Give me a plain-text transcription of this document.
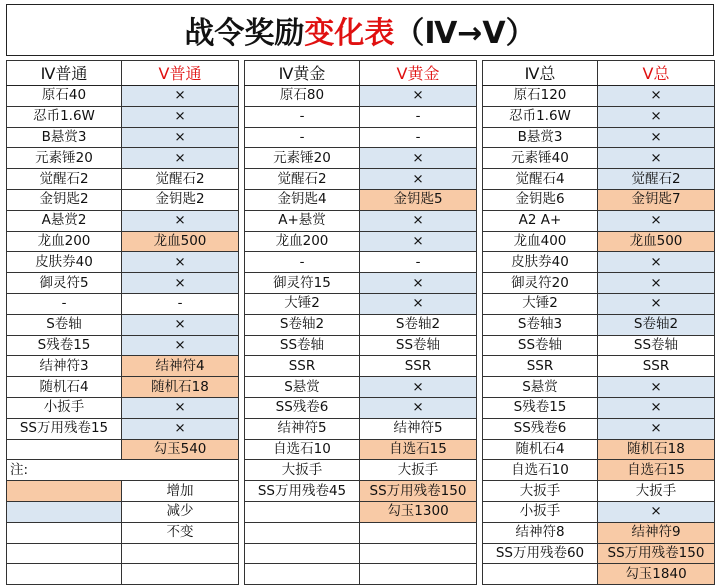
战令奖励 变化表 （Ⅳ→Ⅴ）
Ⅳ普通	Ⅴ普通
原石40	×
忍币1.6W	×
B悬赏3	×
元素锤20	×
觉醒石2	觉醒石2
金钥匙2	金钥匙2
A悬赏2	×
龙血200	龙血500
皮肤券40	×
御灵符5	×
-	-
S卷轴	×
S残卷15	×
结神符3	结神符4
随机石4	随机石18
小扳手	×
SS万用残卷15	×
	勾玉540
注:	
	增加
	减少
	不变

Ⅳ黄金	Ⅴ黄金
原石80	×
-	-
-	-
元素锤20	×
觉醒石2	×
金钥匙4	金钥匙5
A+悬赏	×
龙血200	×
-	-
御灵符15	×
大锤2	×
S卷轴2	S卷轴2
SS卷轴	SS卷轴
SSR	SSR
S悬赏	×
SS残卷6	×
结神符5	结神符5
自选石10	自选石15
大扳手	大扳手
SS万用残卷45	SS万用残卷150
	勾玉1300

Ⅳ总	Ⅴ总
原石120	×
忍币1.6W	×
B悬赏3	×
元素锤40	×
觉醒石4	觉醒石2
金钥匙6	金钥匙7
A2 A+	×
龙血400	龙血500
皮肤券40	×
御灵符20	×
大锤2	×
S卷轴3	S卷轴2
SS卷轴	SS卷轴
SSR	SSR
S悬赏	×
S残卷15	×
SS残卷6	×
随机石4	随机石18
自选石10	自选石15
大扳手	大扳手
小扳手	×
结神符8	结神符9
SS万用残卷60	SS万用残卷150
	勾玉1840
